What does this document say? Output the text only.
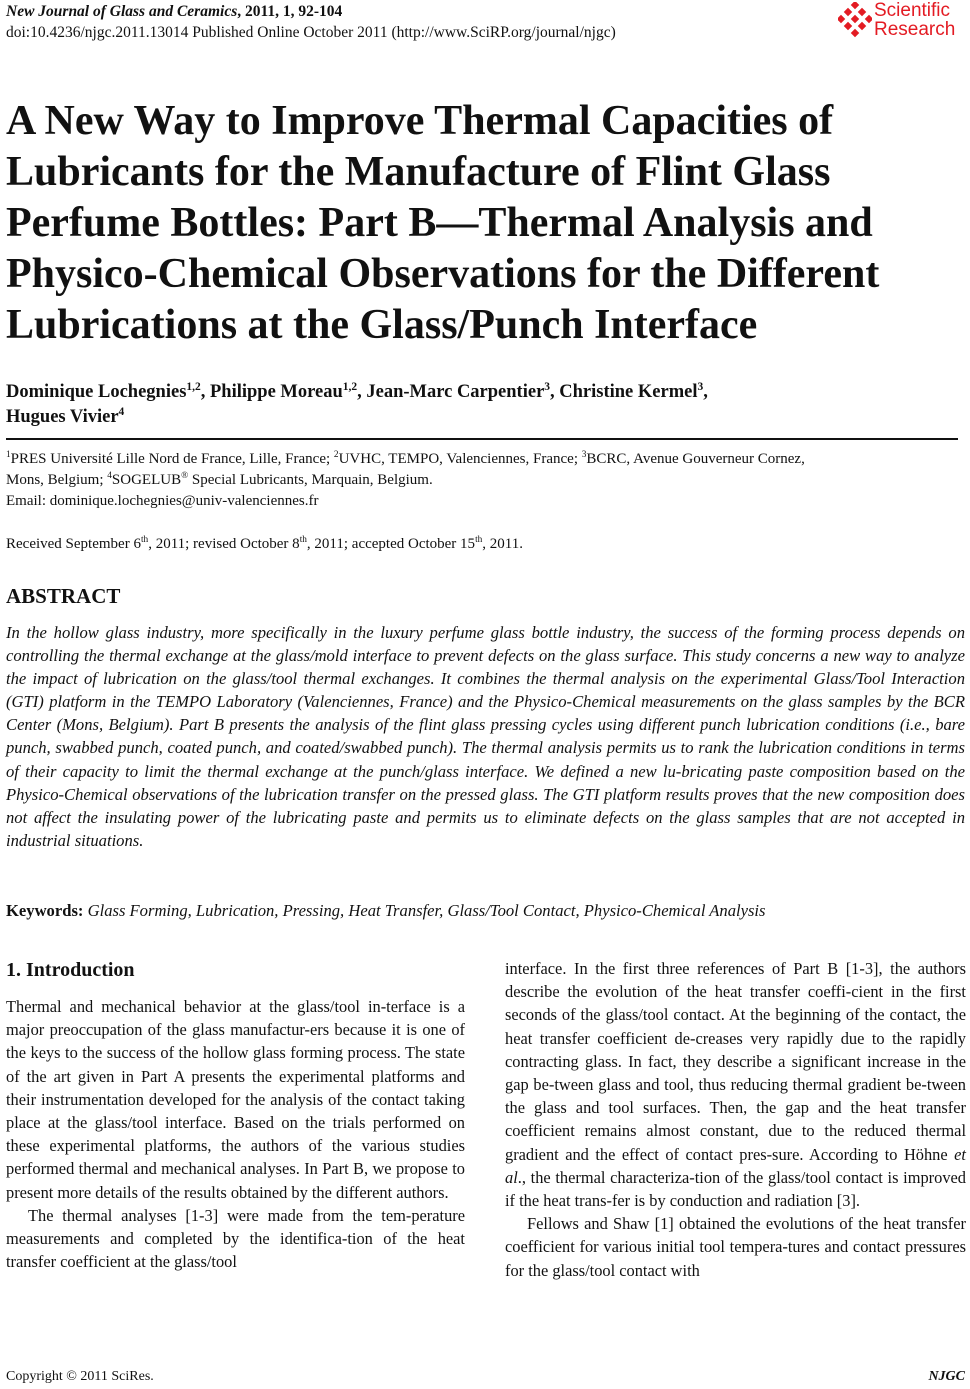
New Journal of Glass and Ceramics, 2011, 1, 92-104
doi:10.4236/njgc.2011.13014 Published Online October 2011 (http://www.SciRP.org/journal/njgc)
Scientific
Research
A New Way to Improve Thermal Capacities of
Lubricants for the Manufacture of Flint Glass
Perfume Bottles: Part B—Thermal Analysis and
Physico-Chemical Observations for the Different
Lubrications at the Glass/Punch Interface
Dominique Lochegnies$^{1,2}$, Philippe Moreau$^{1,2}$, Jean-Marc Carpentier$^3$, Christine Kermel$^3$,
Hugues Vivier$^4$
$^1$PRES Université Lille Nord de France, Lille, France; $^2$UVHC, TEMPO, Valenciennes, France; $^3$BCRC, Avenue Gouverneur Cornez,
Mons, Belgium; $^4$SOGELUB® Special Lubricants, Marquain, Belgium.
Email: dominique.lochegnies@univ-valenciennes.fr
Received September 6th, 2011; revised October 8th, 2011; accepted October 15th, 2011.
ABSTRACT
In the hollow glass industry, more specifically in the luxury perfume glass bottle industry, the success of the forming process depends on controlling the thermal exchange at the glass/mold interface to prevent defects on the glass surface. This study concerns a new way to analyze the impact of lubrication on the glass/tool thermal exchanges. It combines the thermal analysis on the experimental Glass/Tool Interaction (GTI) platform in the TEMPO Laboratory (Valenciennes, France) and the Physico-Chemical measurements on the glass samples by the BCR Center (Mons, Belgium). Part B presents the analysis of the flint glass pressing cycles using different punch lubrication conditions (i.e., bare punch, swabbed punch, coated punch, and coated/swabbed punch). The thermal analysis permits us to rank the lubrication conditions in terms of their capacity to limit the thermal exchange at the punch/glass interface. We defined a new lu-bricating paste composition based on the Physico-Chemical observations of the lubrication transfer on the pressed glass. The GTI platform results proves that the new composition does not affect the insulating power of the lubricating paste and permits us to eliminate defects on the glass samples that are not accepted in industrial situations.
Keywords: Glass Forming, Lubrication, Pressing, Heat Transfer, Glass/Tool Contact, Physico-Chemical Analysis
1. Introduction

Thermal and mechanical behavior at the glass/tool in-terface is a major preoccupation of the glass manufactur-ers because it is one of the keys to the success of the hollow glass forming process. The state of the art given in Part A presents the experimental platforms and their instrumentation developed for the analysis of the contact taking place at the glass/tool interface. Based on the trials performed on these experimental platforms, the authors of the various studies performed thermal and mechanical analyses. In Part B, we propose to present more details of the results obtained by the different authors.

The thermal analyses [1-3] were made from the tem-perature measurements and completed by the identifica-tion of the heat transfer coefficient at the glass/tool

interface. In the first three references of Part B [1-3], the authors describe the evolution of the heat transfer coeffi-cient in the first seconds of the glass/tool contact. At the beginning of the contact, the heat transfer coefficient de-creases very rapidly due to the rapidly contracting glass. In fact, they describe a significant increase in the gap be-tween glass and tool, thus reducing thermal gradient be-tween the glass and tool surfaces. Then, the gap and the heat transfer coefficient remains almost constant, due to the reduced thermal gradient and the effect of contact pres-sure. According to Höhne et al., the thermal characteriza-tion of the glass/tool contact is improved if the heat trans-fer is by conduction and radiation [3].

Fellows and Shaw [1] obtained the evolutions of the heat transfer coefficient for various initial tool tempera-tures and contact pressures for the glass/tool contact with

Copyright © 2011 SciRes.	NJGC
